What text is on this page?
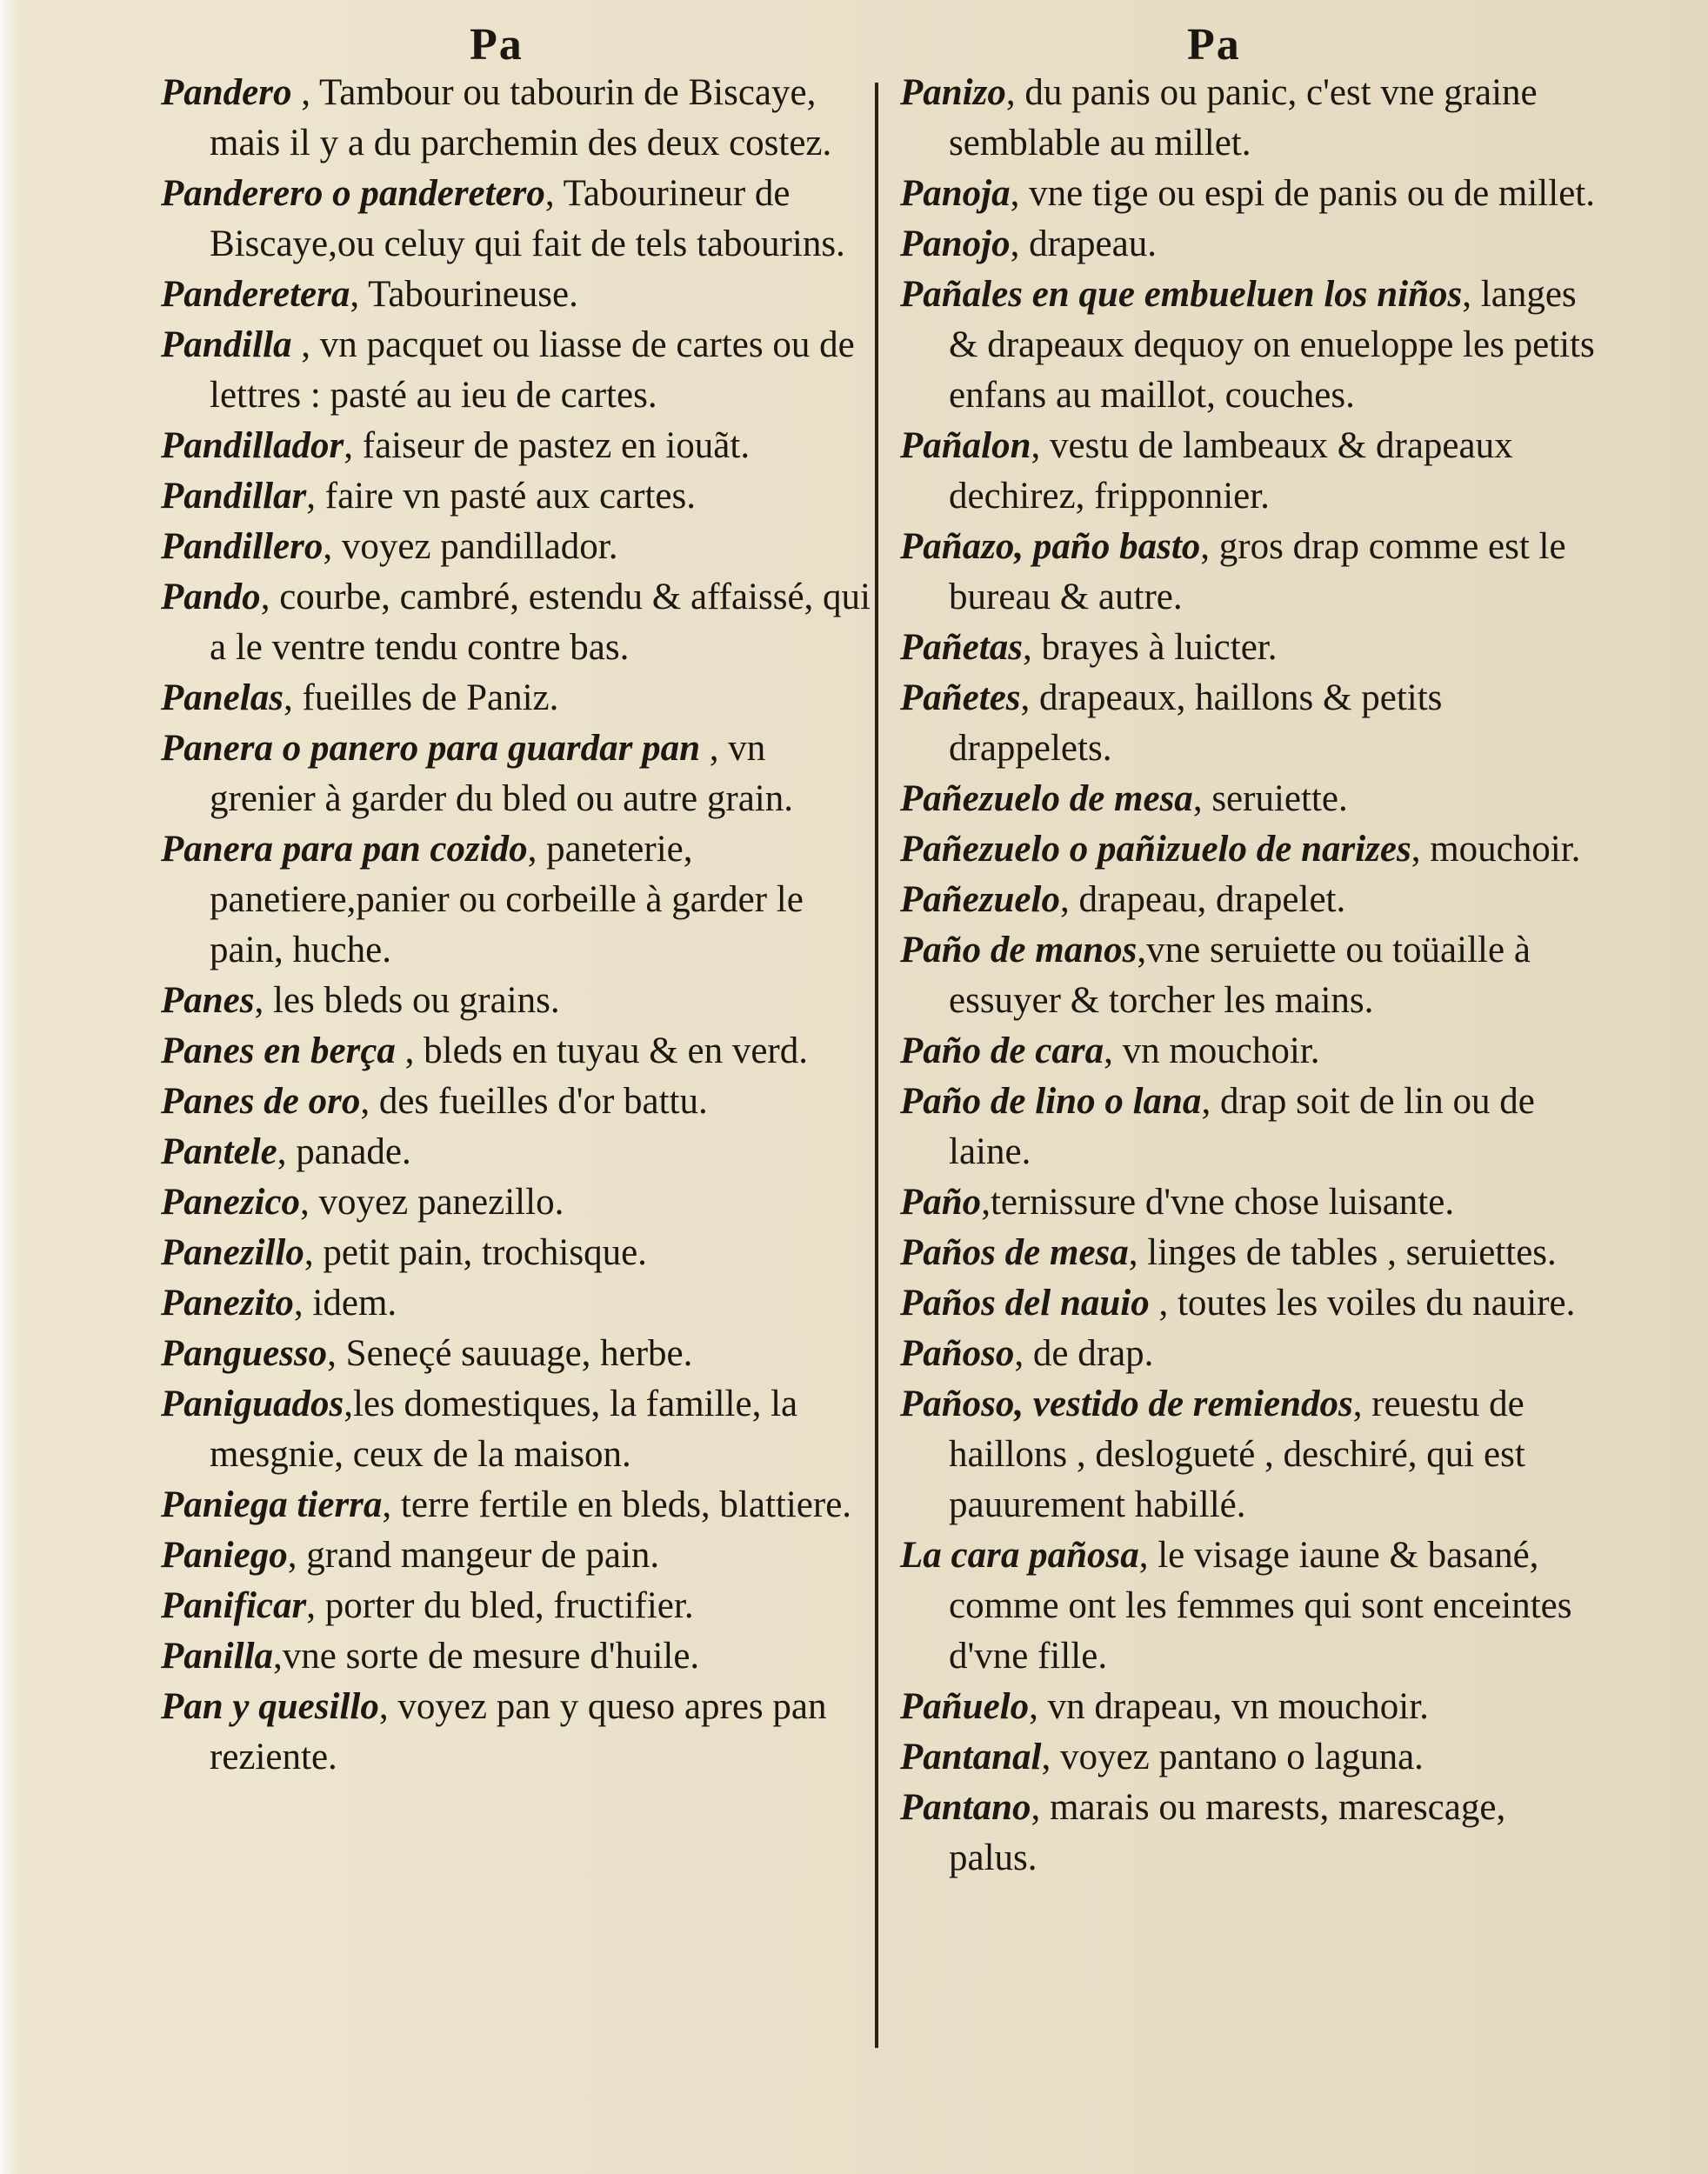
Pa	Pa

Pandero , Tambour ou tabourin de Biscaye, mais il y a du parchemin des deux costez.

Panderero o panderetero, Tabourineur de Biscaye,ou celuy qui fait de tels tabourins.

Panderetera, Tabourineuse.

Pandilla , vn pacquet ou liasse de cartes ou de lettres : pasté au ieu de cartes.

Pandillador, faiseur de pastez en iouãt.

Pandillar, faire vn pasté aux cartes.

Pandillero, voyez pandillador.

Pando, courbe, cambré, estendu & affaissé, qui a le ventre tendu contre bas.

Panelas, fueilles de Paniz.

Panera o panero para guardar pan , vn grenier à garder du bled ou autre grain.

Panera para pan cozido, paneterie, panetiere,panier ou corbeille à garder le pain, huche.

Panes, les bleds ou grains.

Panes en berça , bleds en tuyau & en verd.

Panes de oro, des fueilles d'or battu.

Pantele, panade.

Panezico, voyez panezillo.

Panezillo, petit pain, trochisque.

Panezito, idem.

Panguesso, Seneçé sauuage, herbe.

Paniguados,les domestiques, la famille, la mesgnie, ceux de la maison.

Paniega tierra, terre fertile en bleds, blattiere.

Paniego, grand mangeur de pain.

Panificar, porter du bled, fructifier.

Panilla,vne sorte de mesure d'huile.

Pan y quesillo, voyez pan y queso apres pan reziente.

Panizo, du panis ou panic, c'est vne graine semblable au millet.

Panoja, vne tige ou espi de panis ou de millet.

Panojo, drapeau.

Pañales en que embueluen los niños, langes & drapeaux dequoy on enueloppe les petits enfans au maillot, couches.

Pañalon, vestu de lambeaux & drapeaux dechirez, fripponnier.

Pañazo, paño basto, gros drap comme est le bureau & autre.

Pañetas, brayes à luicter.

Pañetes, drapeaux, haillons & petits drappelets.

Pañezuelo de mesa, seruiette.

Pañezuelo o pañizuelo de narizes, mouchoir.

Pañezuelo, drapeau, drapelet.

Paño de manos,vne seruiette ou toüaille à essuyer & torcher les mains.

Paño de cara, vn mouchoir.

Paño de lino o lana, drap soit de lin ou de laine.

Paño,ternissure d'vne chose luisante.

Paños de mesa, linges de tables , seruiettes.

Paños del nauio , toutes les voiles du nauire.

Pañoso, de drap.

Pañoso, vestido de remiendos, reuestu de haillons , deslogueté , deschiré, qui est pauurement habillé.

La cara pañosa, le visage iaune & basané, comme ont les femmes qui sont enceintes d'vne fille.

Pañuelo, vn drapeau, vn mouchoir.

Pantanal, voyez pantano o laguna.

Pantano, marais ou marests, marescage, palus.
